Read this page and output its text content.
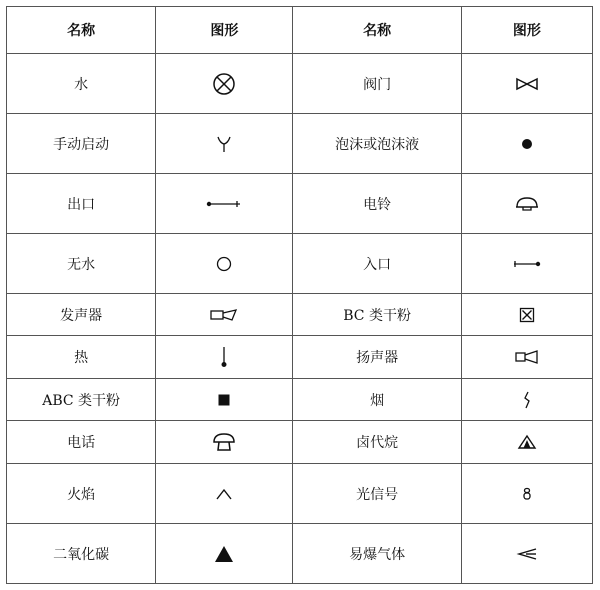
名称	图形	名称	图形
水		阀门	
手动启动		泡沫或泡沫液	
出口		电铃	
无水		入口	
发声器		BC 类干粉	
热		扬声器	
ABC 类干粉		烟	
电话		卤代烷	
火焰		光信号	
二氧化碳		易爆气体	
